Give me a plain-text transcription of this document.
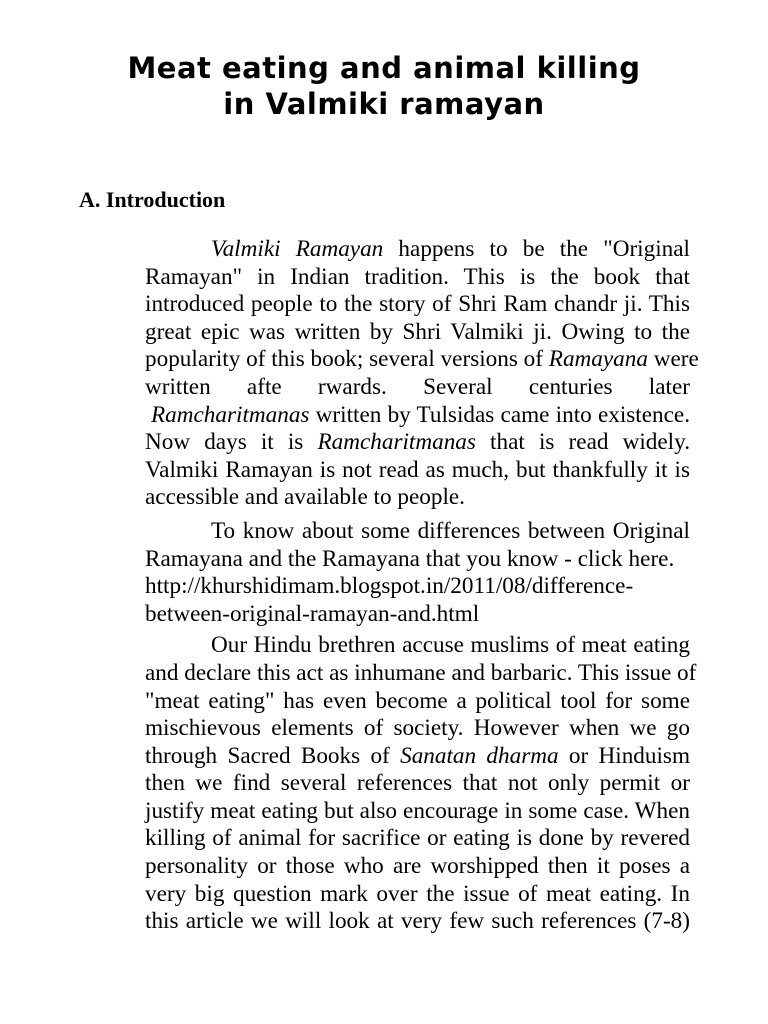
Meat eating and animal killing
in Valmiki ramayan
A. Introduction
Valmiki Ramayan happens to be the "Original
Ramayan" in Indian tradition. This is the book that
introduced people to the story of Shri Ram chandr ji. This
great epic was written by Shri Valmiki ji. Owing to the
popularity of this book; several versions of Ramayana were
written afte rwards. Several centuries later
Ramcharitmanas written by Tulsidas came into existence.
Now days it is Ramcharitmanas that is read widely.
Valmiki Ramayan is not read as much, but thankfully it is
accessible and available to people.
To know about some differences between Original
Ramayana and the Ramayana that you know - click here.
http://khurshidimam.blogspot.in/2011/08/difference-
between-original-ramayan-and.html
Our Hindu brethren accuse muslims of meat eating
and declare this act as inhumane and barbaric. This issue of
"meat eating" has even become a political tool for some
mischievous elements of society. However when we go
through Sacred Books of Sanatan dharma or Hinduism
then we find several references that not only permit or
justify meat eating but also encourage in some case. When
killing of animal for sacrifice or eating is done by revered
personality or those who are worshipped then it poses a
very big question mark over the issue of meat eating. In
this article we will look at very few such references (7-8)
